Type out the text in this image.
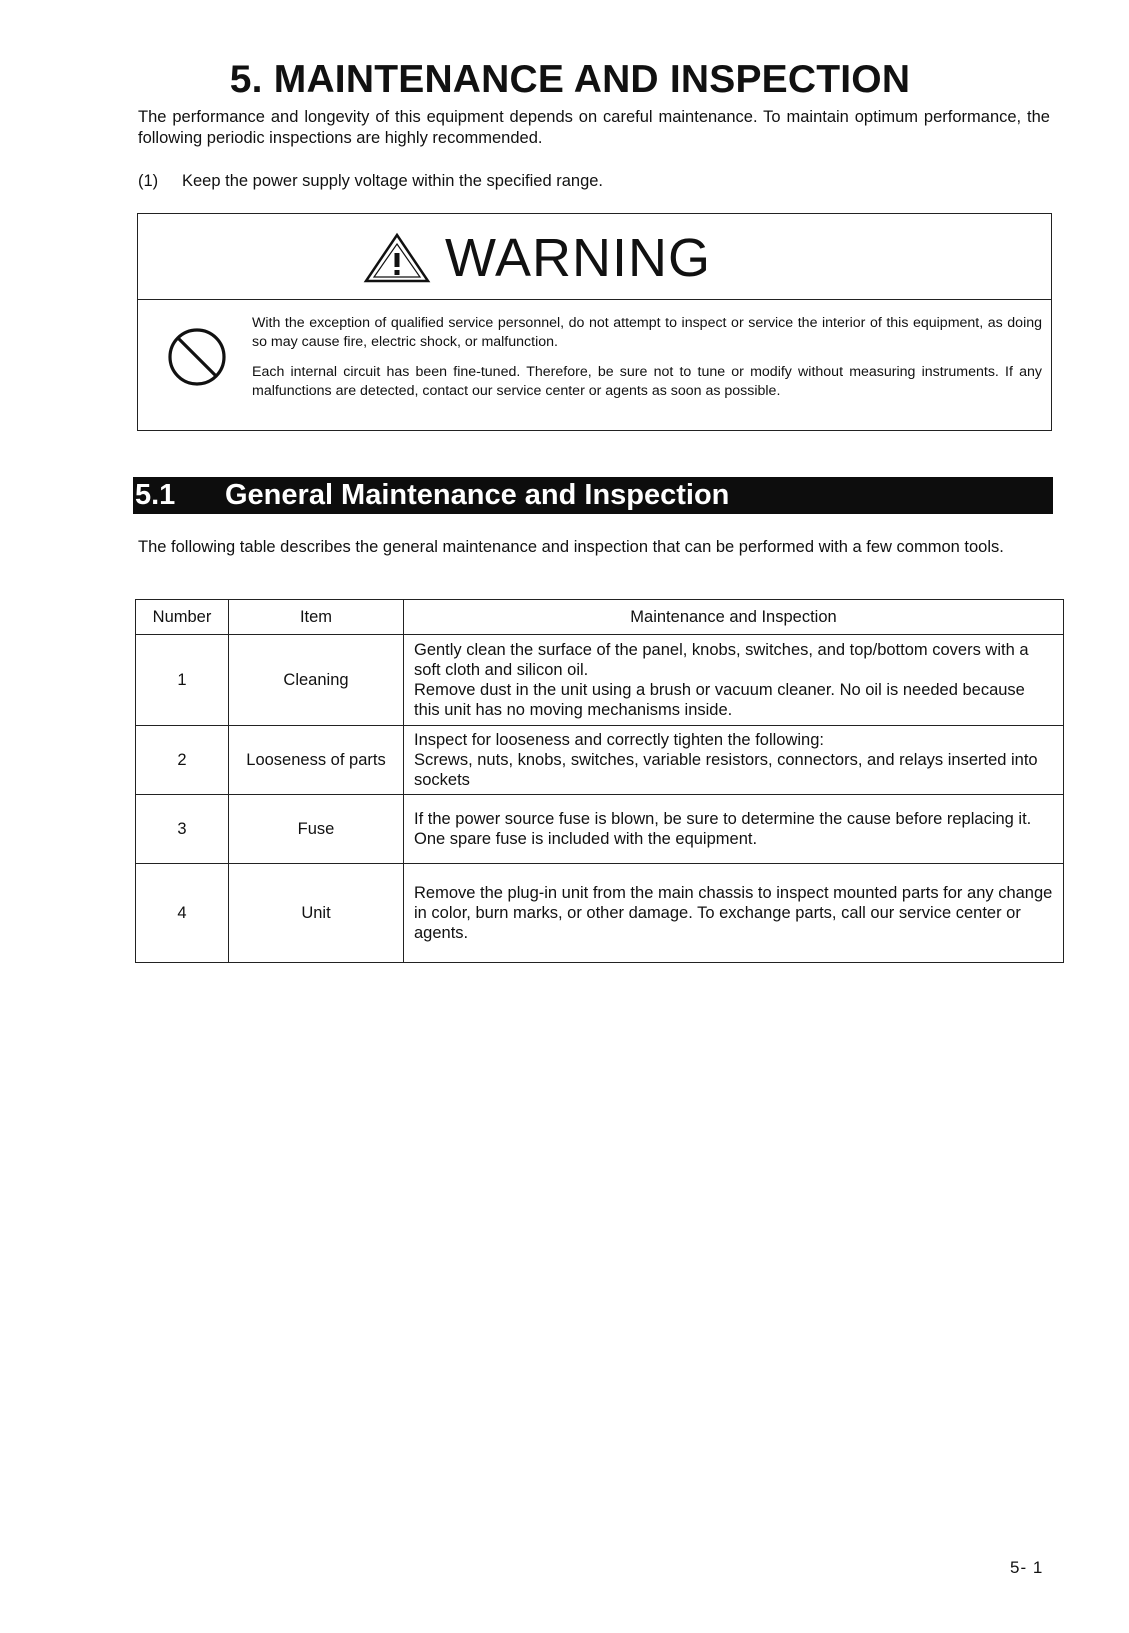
5. MAINTENANCE AND INSPECTION
The performance and longevity of this equipment depends on careful maintenance. To maintain optimum performance, the following periodic inspections are highly recommended.
(1) Keep the power supply voltage within the specified range.
WARNING

With the exception of qualified service personnel, do not attempt to inspect or service the interior of this equipment, as doing so may cause fire, electric shock, or malfunction.

Each internal circuit has been fine-tuned. Therefore, be sure not to tune or modify without measuring instruments. If any malfunctions are detected, contact our service center or agents as soon as possible.

5.1	General Maintenance and Inspection
The following table describes the general maintenance and inspection that can be performed with a few common tools.
Number	Item	Maintenance and Inspection
1	Cleaning	Gently clean the surface of the panel, knobs, switches, and top/bottom covers with a soft cloth and silicon oil.
Remove dust in the unit using a brush or vacuum cleaner. No oil is needed because this unit has no moving mechanisms inside.
2	Looseness of parts	Inspect for looseness and correctly tighten the following:
Screws, nuts, knobs, switches, variable resistors, connectors, and relays inserted into sockets
3	Fuse	If the power source fuse is blown, be sure to determine the cause before replacing it. One spare fuse is included with the equipment.
4	Unit	Remove the plug-in unit from the main chassis to inspect mounted parts for any change in color, burn marks, or other damage. To exchange parts, call our service center or agents.
5- 1
